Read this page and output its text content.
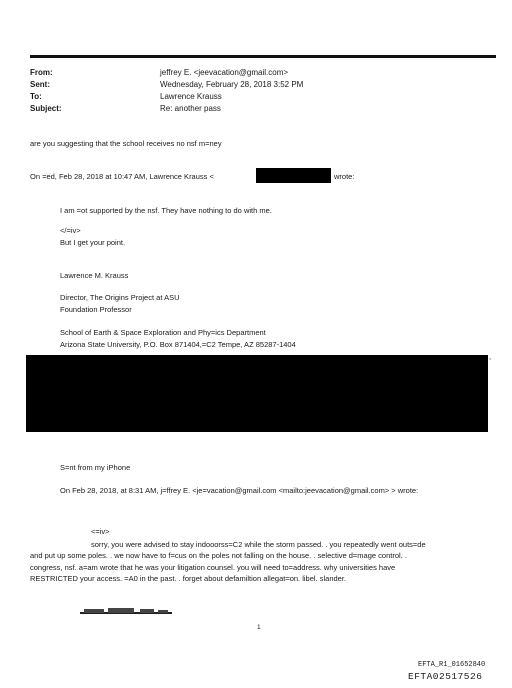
From:	jeffrey E. <jeevacation@gmail.com>
Sent:	Wednesday, February 28, 2018 3:52 PM
To:	Lawrence Krauss
Subject:	Re: another pass
are you suggesting that the school receives no nsf m=ney
On =ed, Feb 28, 2018 at 10:47 AM, Lawrence Krauss <	wrote:
I am =ot supported by the nsf. They have nothing to do with me.
</=iv>
But I get your point.
Lawrence M. Krauss
Director, The Origins Project at ASU
Foundation Professor
School of Earth & Space Exploration and Phy=ics Department
Arizona State University, P.O. Box 871404,=C2 Tempe, AZ 85287-1404
,
S=nt from my iPhone
On Feb 28, 2018, at 8:31 AM, j=ffrey E. <je=vacation@gmail.com <mailto:jeevacation@gmail.com> > wrote:
<=iv>
sorry, you were advised to stay indooorss=C2 while the storm passed. . you repeatedly went outs=de
and put up some poles. . we now have to f=cus on the poles not falling on the house. . selective d=mage control. .
congress, nsf. a=am wrote that he was your litigation counsel. you will need to=address. why universities have
RESTRICTED your access. =A0 in the past. . forget about defamiltion allegat=on. libel. slander.
1
EFTA_R1_01652840
EFTA02517526
